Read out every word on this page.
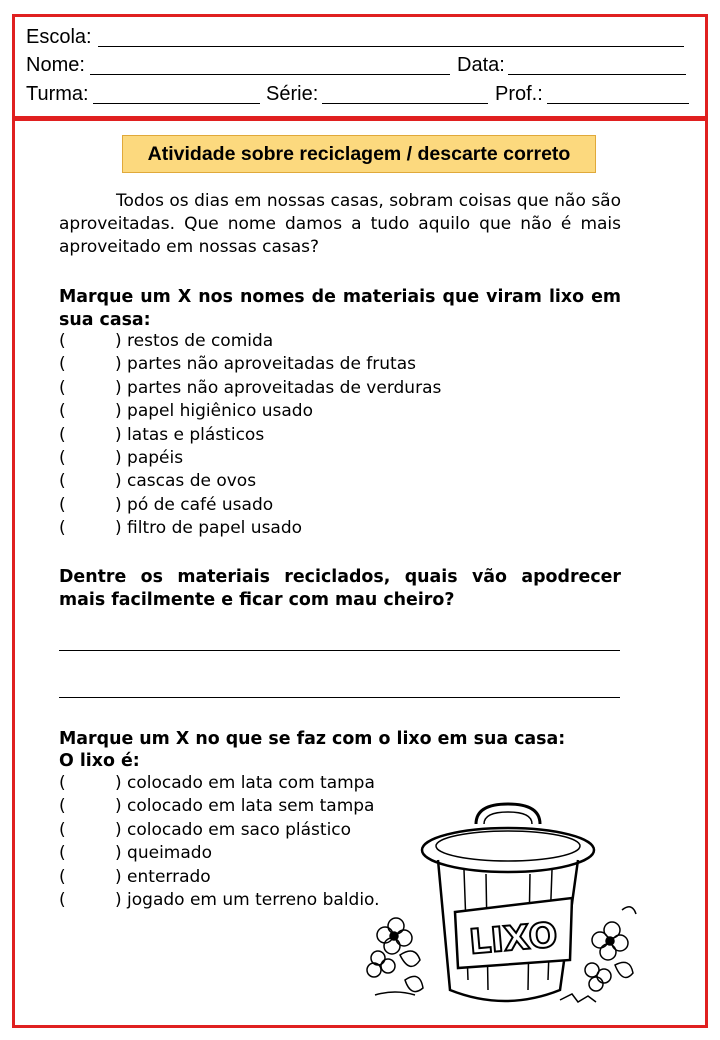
Escola:
Nome:	Data:
Turma:	Série:	Prof.:
Atividade sobre reciclagem / descarte correto

Todos os dias em nossas casas, sobram coisas que não são aproveitadas. Que nome damos a tudo aquilo que não é mais aproveitado em nossas casas?

Marque um X nos nomes de materiais que viram lixo em sua casa:

(	) restos de comida
(	) partes não aproveitadas de frutas
(	) partes não aproveitadas de verduras
(	) papel higiênico usado
(	) latas e plásticos
(	) papéis
(	) cascas de ovos
(	) pó de café usado
(	) filtro de papel usado

Dentre os materiais reciclados, quais vão apodrecer mais facilmente e ficar com mau cheiro?

Marque um X no que se faz com o lixo em sua casa:

O lixo é:

(	) colocado em lata com tampa
(	) colocado em lata sem tampa
(	) colocado em saco plástico
(	) queimado
(	) enterrado
(	) jogado em um terreno baldio.
LIXO
